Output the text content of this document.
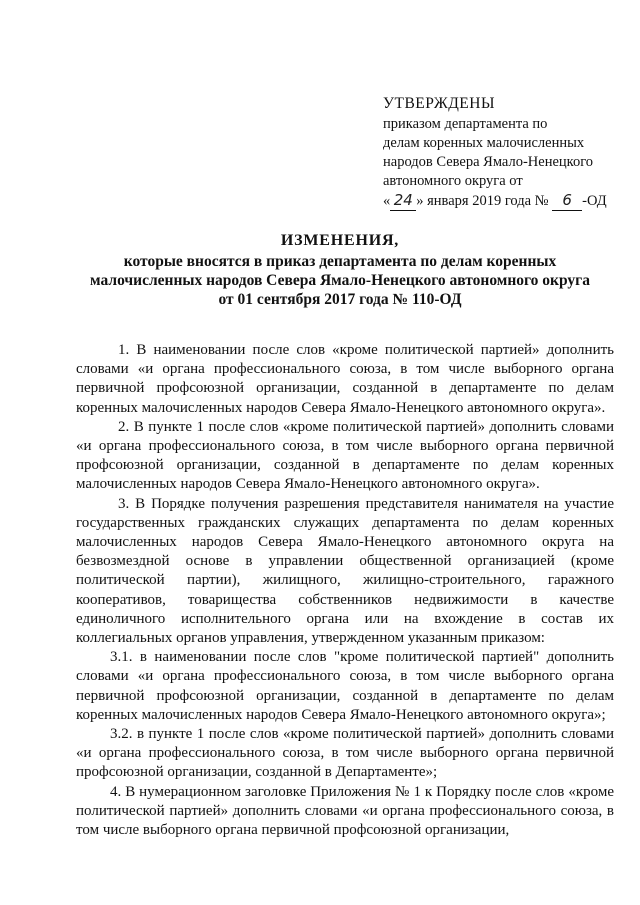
УТВЕРЖДЕНЫ
приказом департамента по
делам коренных малочисленных
народов Севера Ямало-Ненецкого
автономного округа от
« 24 » января 2019 года № 6 -ОД
ИЗМЕНЕНИЯ,
которые вносятся в приказ департамента по делам коренных
малочисленных народов Севера Ямало-Ненецкого автономного округа
от 01 сентября 2017 года № 110-ОД

1. В наименовании после слов «кроме политической партией» дополнить словами «и органа профессионального союза, в том числе выборного органа первичной профсоюзной организации, созданной в департаменте по делам коренных малочисленных народов Севера Ямало-Ненецкого автономного округа».

2. В пункте 1 после слов «кроме политической партией» дополнить словами «и органа профессионального союза, в том числе выборного органа первичной профсоюзной организации, созданной в департаменте по делам коренных малочисленных народов Севера Ямало-Ненецкого автономного округа».

3. В Порядке получения разрешения представителя нанимателя на участие государственных гражданских служащих департамента по делам коренных малочисленных народов Севера Ямало-Ненецкого автономного округа на безвозмездной основе в управлении общественной организацией (кроме политической партии), жилищного, жилищно-строительного, гаражного кооперативов, товарищества собственников недвижимости в качестве единоличного исполнительного органа или на вхождение в состав их коллегиальных органов управления, утвержденном указанным приказом:

3.1. в наименовании после слов "кроме политической партией" дополнить словами «и органа профессионального союза, в том числе выборного органа первичной профсоюзной организации, созданной в департаменте по делам коренных малочисленных народов Севера Ямало-Ненецкого автономного округа»;

3.2. в пункте 1 после слов «кроме политической партией» дополнить словами «и органа профессионального союза, в том числе выборного органа первичной профсоюзной организации, созданной в Департаменте»;

4. В нумерационном заголовке Приложения № 1 к Порядку после слов «кроме политической партией» дополнить словами «и органа профессионального союза, в том числе выборного органа первичной профсоюзной организации,
